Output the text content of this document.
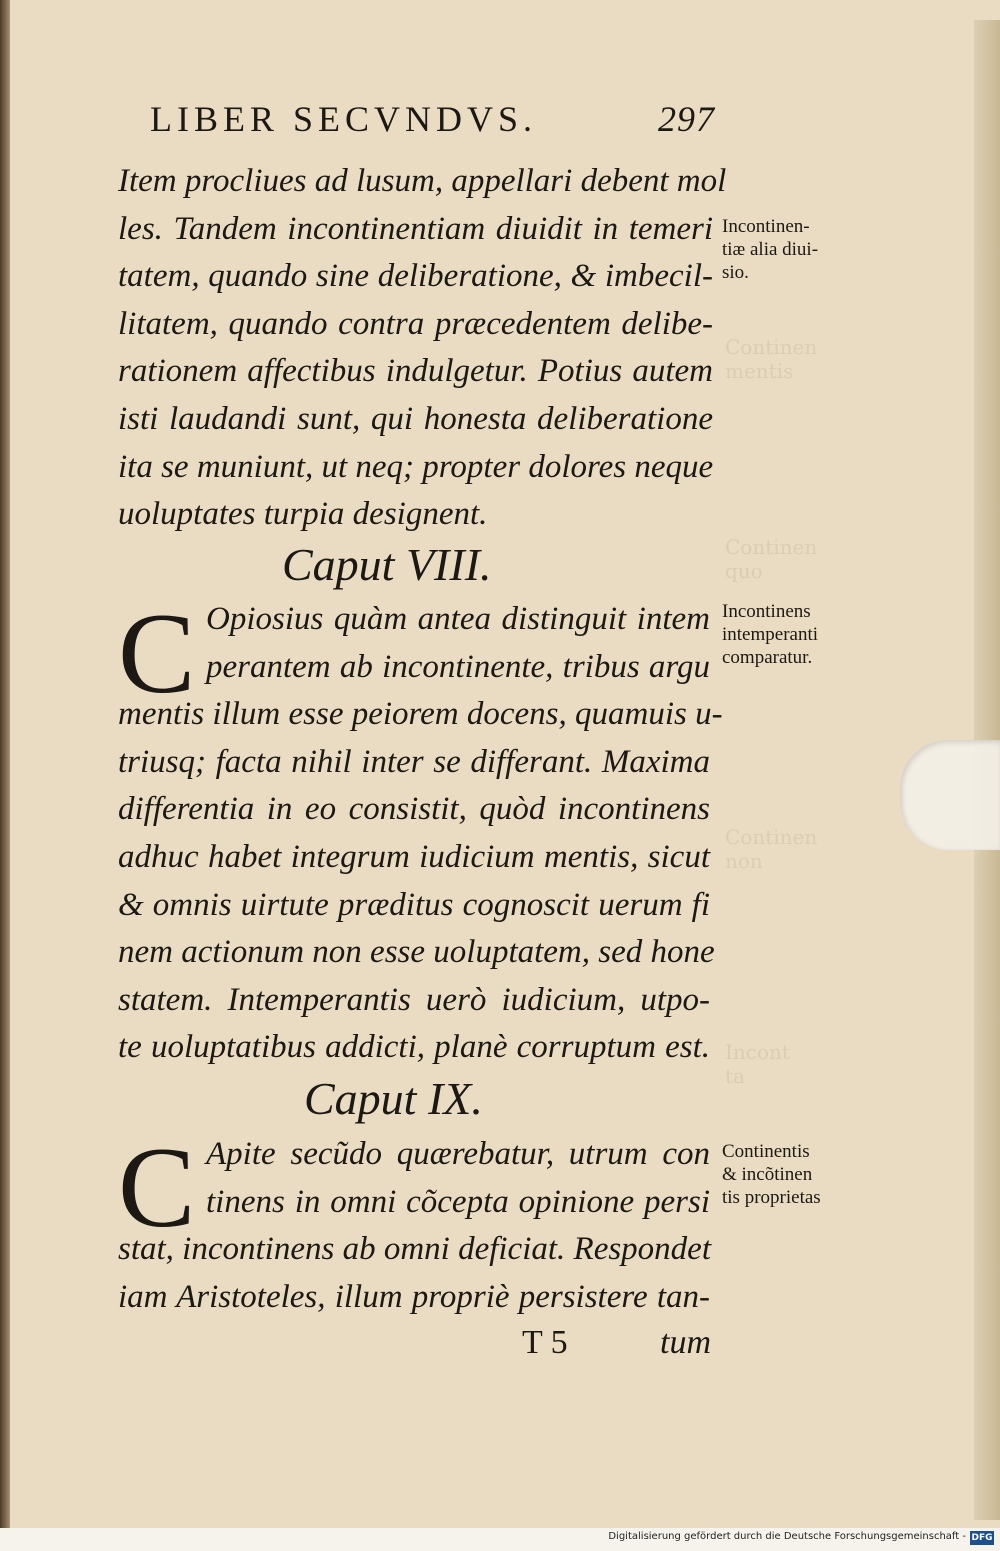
Continen
mentis
Continen
quo
Continen
non
Incont
ta
LIBER SECVNDVS.	297
Item procliues ad lusum, appellari debent mol
les. Tandem incontinentiam diuidit in temeri
tatem, quando sine deliberatione, & imbecil-
litatem, quando contra præcedentem delibe-
rationem affectibus indulgetur. Potius autem
isti laudandi sunt, qui honesta deliberatione
ita se muniunt, ut neq; propter dolores neque
uoluptates turpia designent.
Caput VIII.
C Opiosius quàm antea distinguit intem
perantem ab incontinente, tribus argu
mentis illum esse peiorem docens, quamuis u-
triusq; facta nihil inter se differant. Maxima
differentia in eo consistit, quòd incontinens
adhuc habet integrum iudicium mentis, sicut
& omnis uirtute præditus cognoscit uerum fi
nem actionum non esse uoluptatem, sed hone
statem. Intemperantis uerò iudicium, utpo-
te uoluptatibus addicti, planè corruptum est.
Caput IX.
C Apite secũdo quærebatur, utrum con
tinens in omni cõcepta opinione persi
stat, incontinens ab omni deficiat. Respondet
iam Aristoteles, illum propriè persistere tan-
T 5	tum
Incontinen-
tiæ alia diui-
sio.
Incontinens
intemperanti
comparatur.
Continentis
& incõtinen
tis proprietas
Digitalisierung gefördert durch die Deutsche Forschungsgemeinschaft - DFG
